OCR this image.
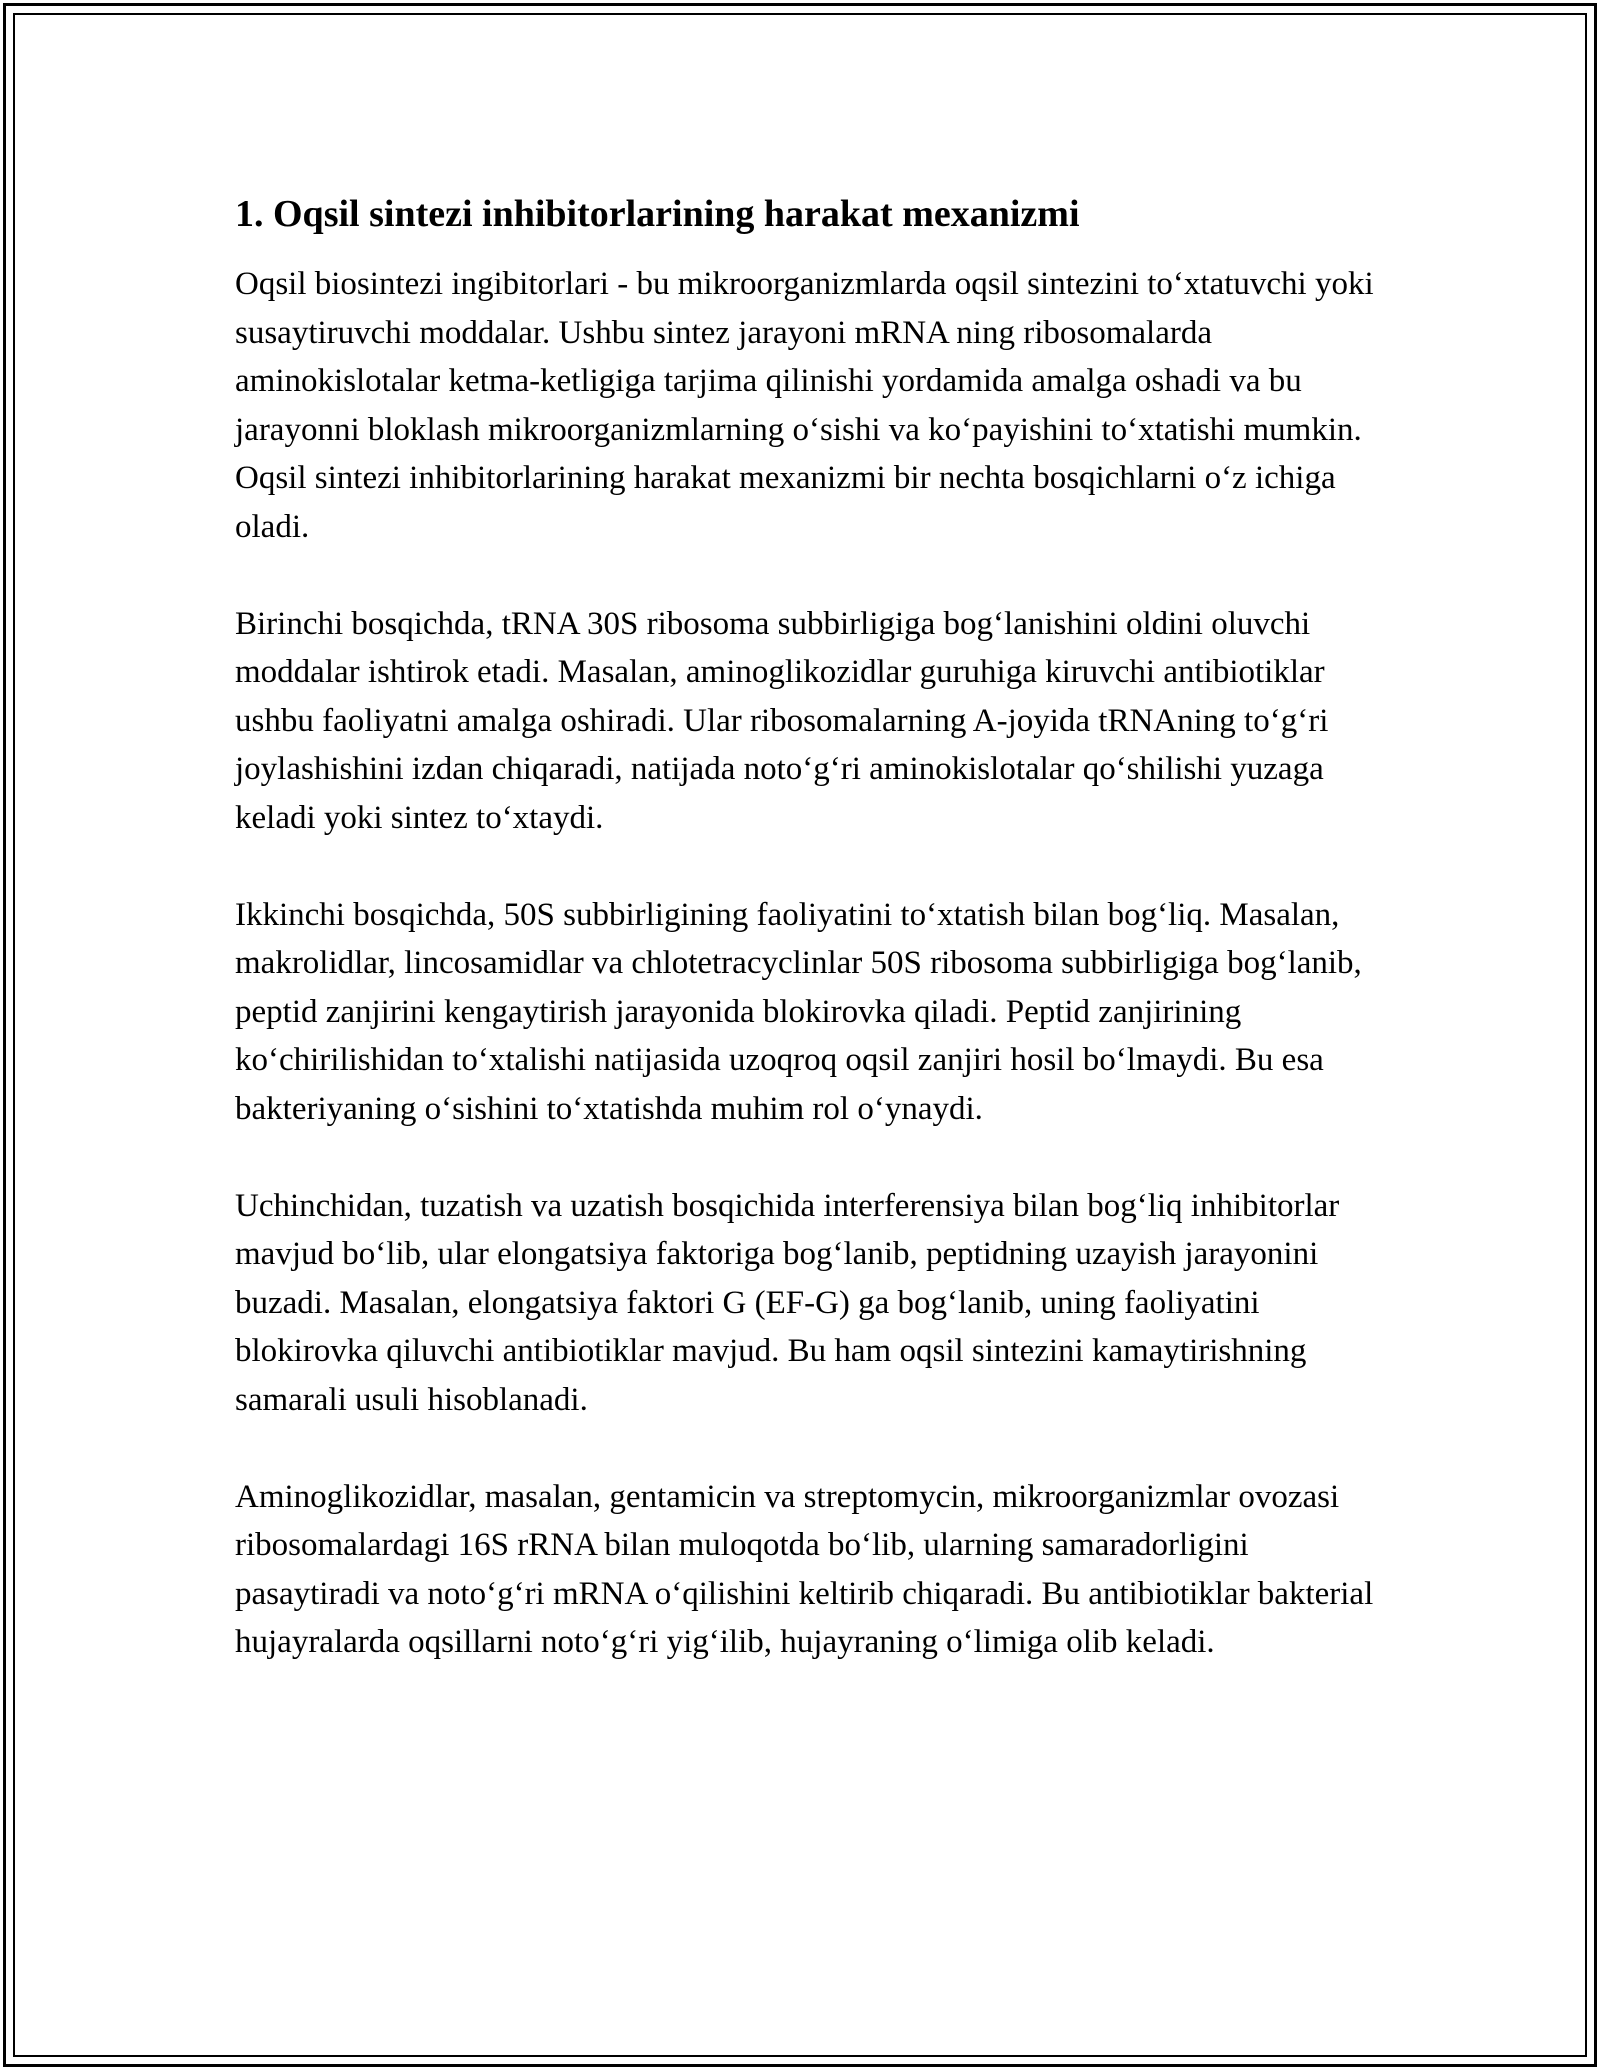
1. Oqsil sintezi inhibitorlarining harakat mexanizmi

Oqsil biosintezi ingibitorlari - bu mikroorganizmlarda oqsil sintezini to‘xtatuvchi yoki susaytiruvchi moddalar. Ushbu sintez jarayoni mRNA ning ribosomalarda aminokislotalar ketma-ketligiga tarjima qilinishi yordamida amalga oshadi va bu jarayonni bloklash mikroorganizmlarning o‘sishi va ko‘payishini to‘xtatishi mumkin. Oqsil sintezi inhibitorlarining harakat mexanizmi bir nechta bosqichlarni o‘z ichiga oladi.

Birinchi bosqichda, tRNA 30S ribosoma subbirligiga bog‘lanishini oldini oluvchi moddalar ishtirok etadi. Masalan, aminoglikozidlar guruhiga kiruvchi antibiotiklar ushbu faoliyatni amalga oshiradi. Ular ribosomalarning A-joyida tRNAning to‘g‘ri joylashishini izdan chiqaradi, natijada noto‘g‘ri aminokislotalar qo‘shilishi yuzaga keladi yoki sintez to‘xtaydi.

Ikkinchi bosqichda, 50S subbirligining faoliyatini to‘xtatish bilan bog‘liq. Masalan, makrolidlar, lincosamidlar va chlotetracyclinlar 50S ribosoma subbirligiga bog‘lanib, peptid zanjirini kengaytirish jarayonida blokirovka qiladi. Peptid zanjirining ko‘chirilishidan to‘xtalishi natijasida uzoqroq oqsil zanjiri hosil bo‘lmaydi. Bu esa bakteriyaning o‘sishini to‘xtatishda muhim rol o‘ynaydi.

Uchinchidan, tuzatish va uzatish bosqichida interferensiya bilan bog‘liq inhibitorlar mavjud bo‘lib, ular elongatsiya faktoriga bog‘lanib, peptidning uzayish jarayonini buzadi. Masalan, elongatsiya faktori G (EF-G) ga bog‘lanib, uning faoliyatini blokirovka qiluvchi antibiotiklar mavjud. Bu ham oqsil sintezini kamaytirishning samarali usuli hisoblanadi.

Aminoglikozidlar, masalan, gentamicin va streptomycin, mikroorganizmlar ovozasi ribosomalardagi 16S rRNA bilan muloqotda bo‘lib, ularning samaradorligini pasaytiradi va noto‘g‘ri mRNA o‘qilishini keltirib chiqaradi. Bu antibiotiklar bakterial hujayralarda oqsillarni noto‘g‘ri yig‘ilib, hujayraning o‘limiga olib keladi.
